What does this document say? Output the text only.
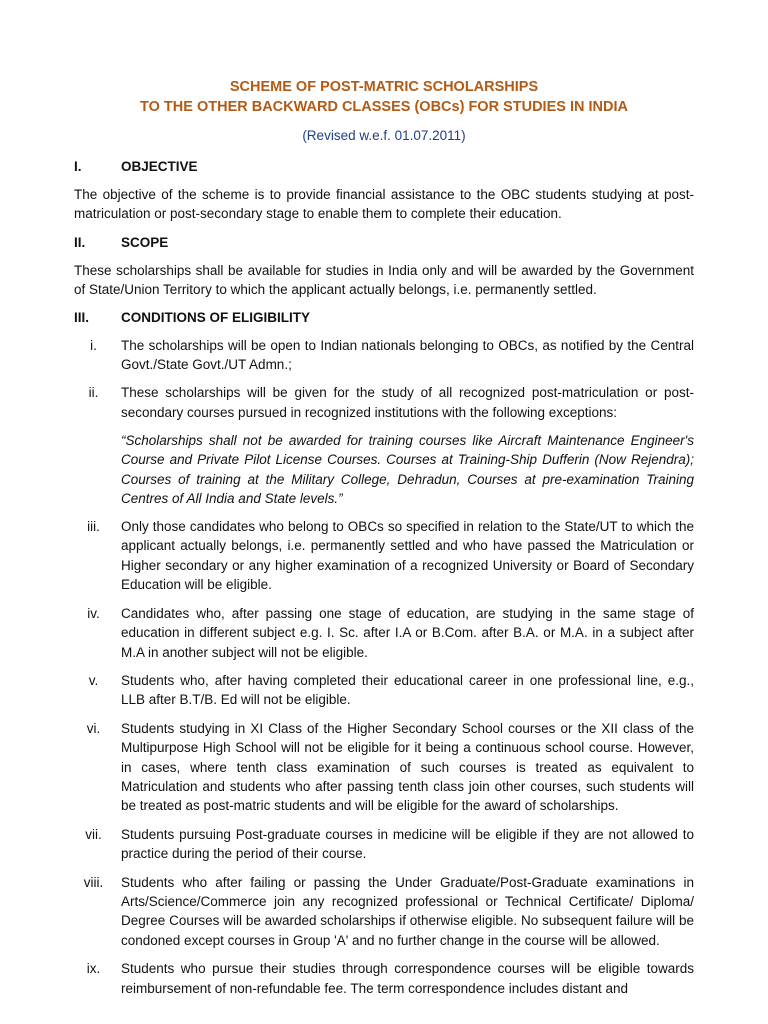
SCHEME OF POST-MATRIC SCHOLARSHIPS
TO THE OTHER BACKWARD CLASSES (OBCs) FOR STUDIES IN INDIA
(Revised w.e.f. 01.07.2011)
I.	OBJECTIVE

The objective of the scheme is to provide financial assistance to the OBC students studying at post-matriculation or post-secondary stage to enable them to complete their education.

II.	SCOPE

These scholarships shall be available for studies in India only and will be awarded by the Government of State/Union Territory to which the applicant actually belongs, i.e. permanently settled.

III.	CONDITIONS OF ELIGIBILITY
i.	The scholarships will be open to Indian nationals belonging to OBCs, as notified by the Central Govt./State Govt./UT Admn.;
ii.	These scholarships will be given for the study of all recognized post-matriculation or post-secondary courses pursued in recognized institutions with the following exceptions:

“Scholarships shall not be awarded for training courses like Aircraft Maintenance Engineer's Course and Private Pilot License Courses. Courses at Training-Ship Dufferin (Now Rejendra); Courses of training at the Military College, Dehradun, Courses at pre-examination Training Centres of All India and State levels.”

iii.	Only those candidates who belong to OBCs so specified in relation to the State/UT to which the applicant actually belongs, i.e. permanently settled and who have passed the Matriculation or Higher secondary or any higher examination of a recognized University or Board of Secondary Education will be eligible.
iv.	Candidates who, after passing one stage of education, are studying in the same stage of education in different subject e.g. I. Sc. after I.A or B.Com. after B.A. or M.A. in a subject after M.A in another subject will not be eligible.
v.	Students who, after having completed their educational career in one professional line, e.g., LLB after B.T/B. Ed will not be eligible.
vi.	Students studying in XI Class of the Higher Secondary School courses or the XII class of the Multipurpose High School will not be eligible for it being a continuous school course. However, in cases, where tenth class examination of such courses is treated as equivalent to Matriculation and students who after passing tenth class join other courses, such students will be treated as post-matric students and will be eligible for the award of scholarships.
vii.	Students pursuing Post-graduate courses in medicine will be eligible if they are not allowed to practice during the period of their course.
viii.	Students who after failing or passing the Under Graduate/Post-Graduate examinations in Arts/Science/Commerce join any recognized professional or Technical Certificate/ Diploma/ Degree Courses will be awarded scholarships if otherwise eligible. No subsequent failure will be condoned except courses in Group 'A' and no further change in the course will be allowed.
ix.	Students who pursue their studies through correspondence courses will be eligible towards reimbursement of non-refundable fee. The term correspondence includes distant and
